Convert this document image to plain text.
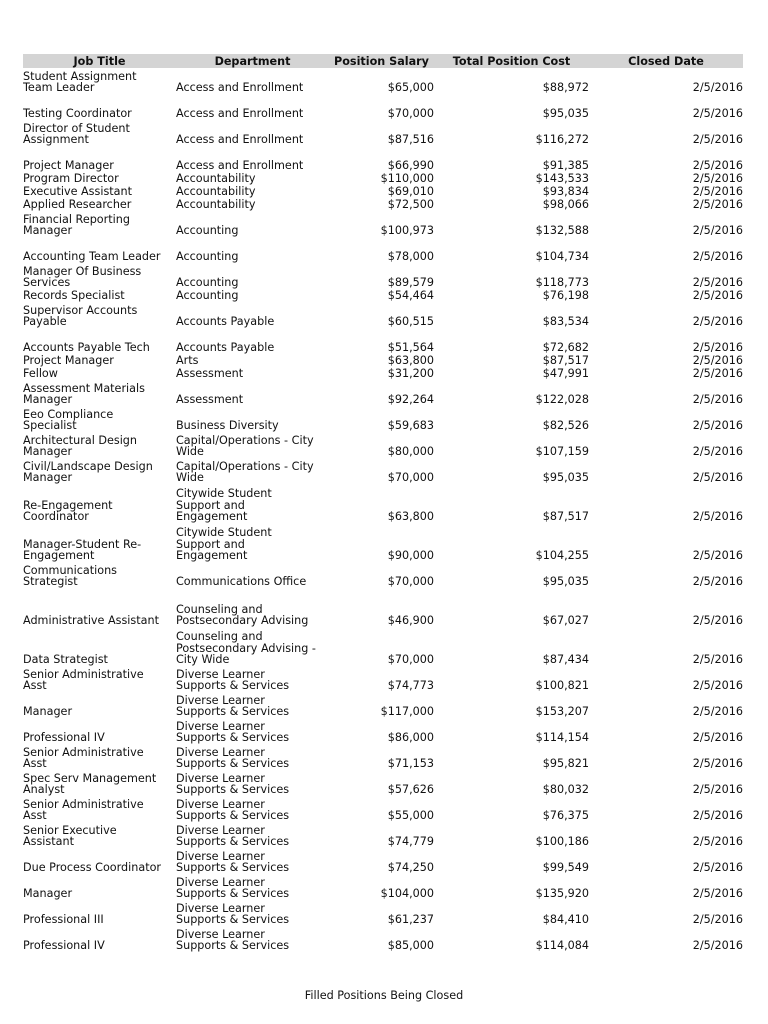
Job Title	Department	Position Salary	Total Position Cost	Closed Date
Student Assignment
Team Leader	Access and Enrollment	$65,000	$88,972	2/5/2016
Testing Coordinator	Access and Enrollment	$70,000	$95,035	2/5/2016
Director of Student
Assignment	Access and Enrollment	$87,516	$116,272	2/5/2016
Project Manager	Access and Enrollment	$66,990	$91,385	2/5/2016
Program Director	Accountability	$110,000	$143,533	2/5/2016
Executive Assistant	Accountability	$69,010	$93,834	2/5/2016
Applied Researcher	Accountability	$72,500	$98,066	2/5/2016
Financial Reporting
Manager	Accounting	$100,973	$132,588	2/5/2016
Accounting Team Leader	Accounting	$78,000	$104,734	2/5/2016
Manager Of Business
Services	Accounting	$89,579	$118,773	2/5/2016
Records Specialist	Accounting	$54,464	$76,198	2/5/2016
Supervisor Accounts
Payable	Accounts Payable	$60,515	$83,534	2/5/2016
Accounts Payable Tech	Accounts Payable	$51,564	$72,682	2/5/2016
Project Manager	Arts	$63,800	$87,517	2/5/2016
Fellow	Assessment	$31,200	$47,991	2/5/2016
Assessment Materials
Manager	Assessment	$92,264	$122,028	2/5/2016
Eeo Compliance
Specialist	Business Diversity	$59,683	$82,526	2/5/2016
Architectural Design
Manager	Capital/Operations - City
Wide	$80,000	$107,159	2/5/2016
Civil/Landscape Design
Manager	Capital/Operations - City
Wide	$70,000	$95,035	2/5/2016
Re-Engagement
Coordinator	Citywide Student
Support and
Engagement	$63,800	$87,517	2/5/2016
Manager-Student Re-
Engagement	Citywide Student
Support and
Engagement	$90,000	$104,255	2/5/2016
Communications
Strategist	Communications Office	$70,000	$95,035	2/5/2016
Administrative Assistant	Counseling and
Postsecondary Advising	$46,900	$67,027	2/5/2016
Data Strategist	Counseling and
Postsecondary Advising -
City Wide	$70,000	$87,434	2/5/2016
Senior Administrative
Asst	Diverse Learner
Supports & Services	$74,773	$100,821	2/5/2016
Manager	Diverse Learner
Supports & Services	$117,000	$153,207	2/5/2016
Professional IV	Diverse Learner
Supports & Services	$86,000	$114,154	2/5/2016
Senior Administrative
Asst	Diverse Learner
Supports & Services	$71,153	$95,821	2/5/2016
Spec Serv Management
Analyst	Diverse Learner
Supports & Services	$57,626	$80,032	2/5/2016
Senior Administrative
Asst	Diverse Learner
Supports & Services	$55,000	$76,375	2/5/2016
Senior Executive
Assistant	Diverse Learner
Supports & Services	$74,779	$100,186	2/5/2016
Due Process Coordinator	Diverse Learner
Supports & Services	$74,250	$99,549	2/5/2016
Manager	Diverse Learner
Supports & Services	$104,000	$135,920	2/5/2016
Professional III	Diverse Learner
Supports & Services	$61,237	$84,410	2/5/2016
Professional IV	Diverse Learner
Supports & Services	$85,000	$114,084	2/5/2016
Filled Positions Being Closed
